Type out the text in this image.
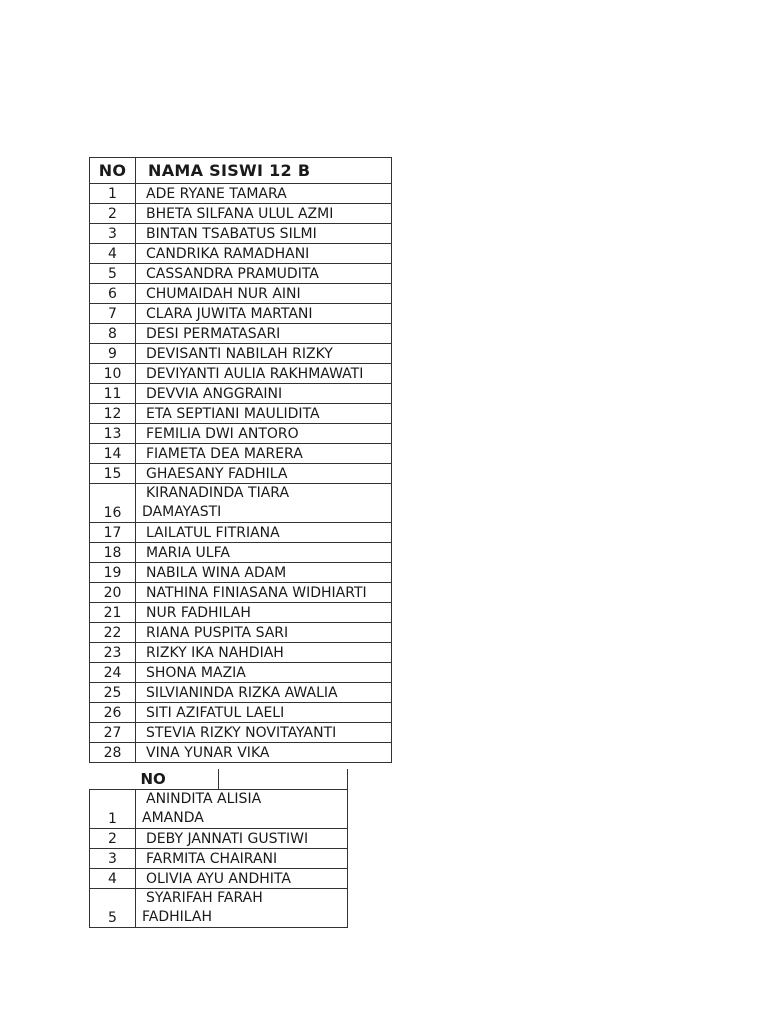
NO	NAMA SISWI 12 B
1	ADE RYANE TAMARA
2	BHETA SILFANA ULUL AZMI
3	BINTAN TSABATUS SILMI
4	CANDRIKA RAMADHANI
5	CASSANDRA PRAMUDITA
6	CHUMAIDAH NUR AINI
7	CLARA JUWITA MARTANI
8	DESI PERMATASARI
9	DEVISANTI NABILAH RIZKY
10	DEVIYANTI AULIA RAKHMAWATI
11	DEVVIA ANGGRAINI
12	ETA SEPTIANI MAULIDITA
13	FEMILIA DWI ANTORO
14	FIAMETA DEA MARERA
15	GHAESANY FADHILA
16	KIRANADINDA TIARA
DAMAYASTI

17	LAILATUL FITRIANA
18	MARIA ULFA
19	NABILA WINA ADAM
20	NATHINA FINIASANA WIDHIARTI
21	NUR FADHILAH
22	RIANA PUSPITA SARI
23	RIZKY IKA NAHDIAH
24	SHONA MAZIA
25	SILVIANINDA RIZKA AWALIA
26	SITI AZIFATUL LAELI
27	STEVIA RIZKY NOVITAYANTI
28	VINA YUNAR VIKA
NO	

1	ANINDITA ALISIA
AMANDA

2	DEBY JANNATI GUSTIWI
3	FARMITA CHAIRANI
4	OLIVIA AYU ANDHITA
5	SYARIFAH FARAH
FADHILAH
